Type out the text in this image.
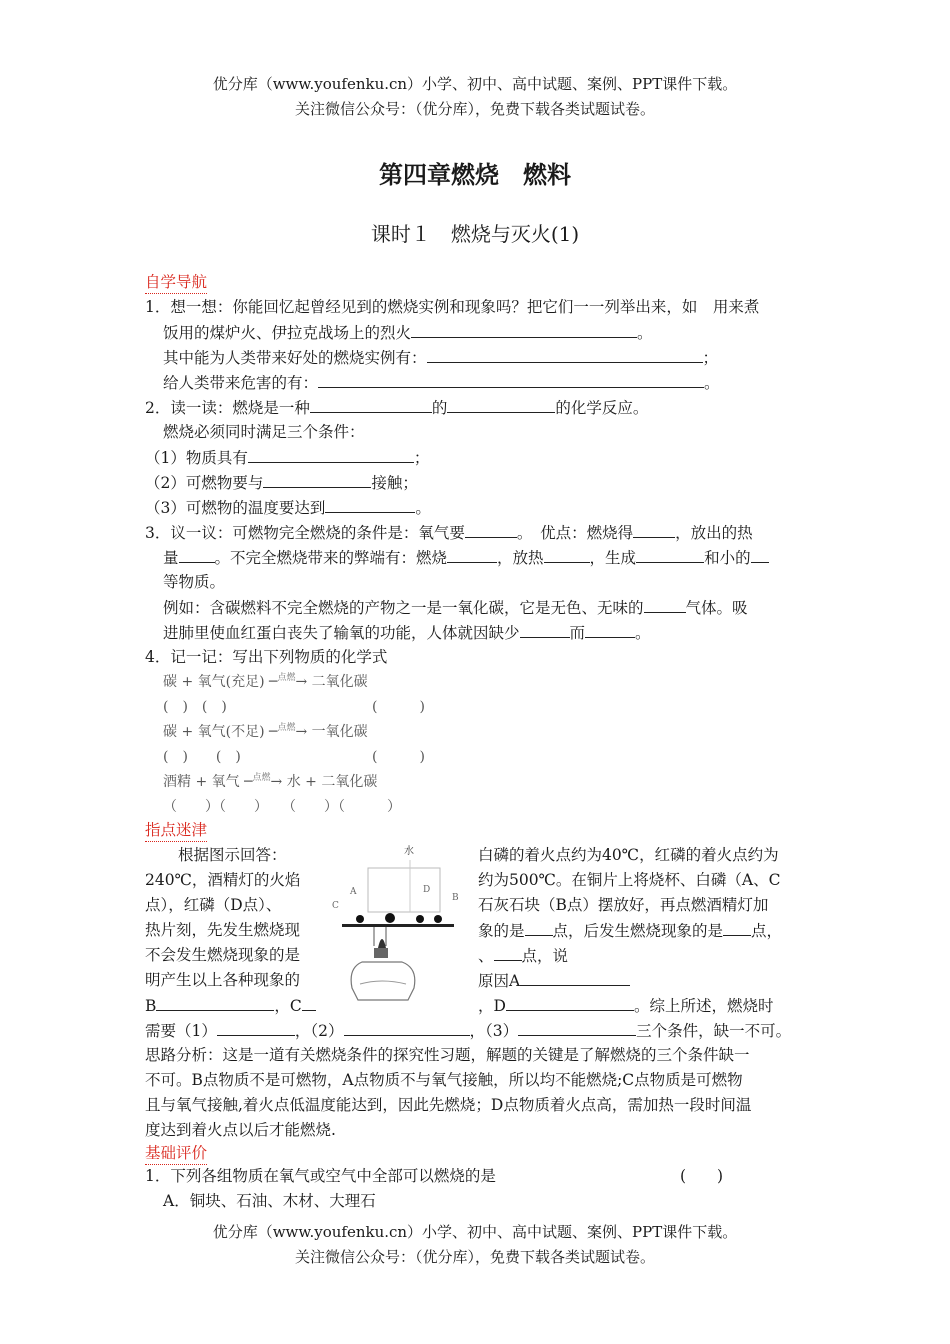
优分库（www.youfenku.cn）小学、初中、高中试题、案例、PPT课件下载。
关注微信公众号：（优分库），免费下载各类试题试卷。
第四章燃烧　燃料
课时１　燃烧与灭火(1)
自学导航
1．想一想：你能回忆起曾经见到的燃烧实例和现象吗？把它们一一列举出来，如　用来煮
饭用的煤炉火、伊拉克战场上的烈火	。
其中能为人类带来好处的燃烧实例有：	；
给人类带来危害的有：	。
2．读一读：燃烧是一种	的	的化学反应。
燃烧必须同时满足三个条件：
（1）物质具有	；
（2）可燃物要与	接触；
（3）可燃物的温度要达到	。
3．议一议：可燃物完全燃烧的条件是：氧气要	。　优点：燃烧得	，放出的热
量 。不完全燃烧带来的弊端有：燃烧	，放热	，生成	和小的
等物质。
例如：含碳燃料不完全燃烧的产物之一是一氧化碳，它是无色、无味的	气体。吸
进肺里使血红蛋白丧失了输氧的功能，人体就因缺少	而	。
4．记一记：写出下列物质的化学式
碳 + 氧气(充足) ─$^{点燃}$→ 二氧化碳
(　)　(　)	(　　　)
碳 + 氧气(不足) ─$^{点燃}$→ 一氧化碳
(　)　　(　)	(　　　)
酒精 + 氧气 ─$^{点燃}$→ 水 + 二氧化碳
（　　）（　　）　　（　　）（　　　）
指点迷津
根据图示回答：
240℃，酒精灯的火焰
点），红磷（D点）、
热片刻，先发生燃烧现
不会发生燃烧现象的是
明产生以上各种现象的
B	，C
白磷的着火点约为40℃，红磷的着火点约为
约为500℃。在铜片上将烧杯、白磷（A、C
石灰石块（B点）摆放好，再点燃酒精灯加
象的是 点，后发生燃烧现象的是 点，
、 点，说
原因A
，D	。综上所述，燃烧时
需要（1）	，（2）	，（3）	三个条件，缺一不可。
思路分析：这是一道有关燃烧条件的探究性习题，解题的关键是了解燃烧的三个条件缺一
不可。B点物质不是可燃物，A点物质不与氧气接触，所以均不能燃烧;C点物质是可燃物
且与氧气接触,着火点低温度能达到，因此先燃烧；D点物质着火点高，需加热一段时间温
度达到着火点以后才能燃烧.
水
A
C
D
B
基础评价
1．下列各组物质在氧气或空气中全部可以燃烧的是	(　　)
A．铜块、石油、木材、大理石
优分库（www.youfenku.cn）小学、初中、高中试题、案例、PPT课件下载。
关注微信公众号：（优分库），免费下载各类试题试卷。
